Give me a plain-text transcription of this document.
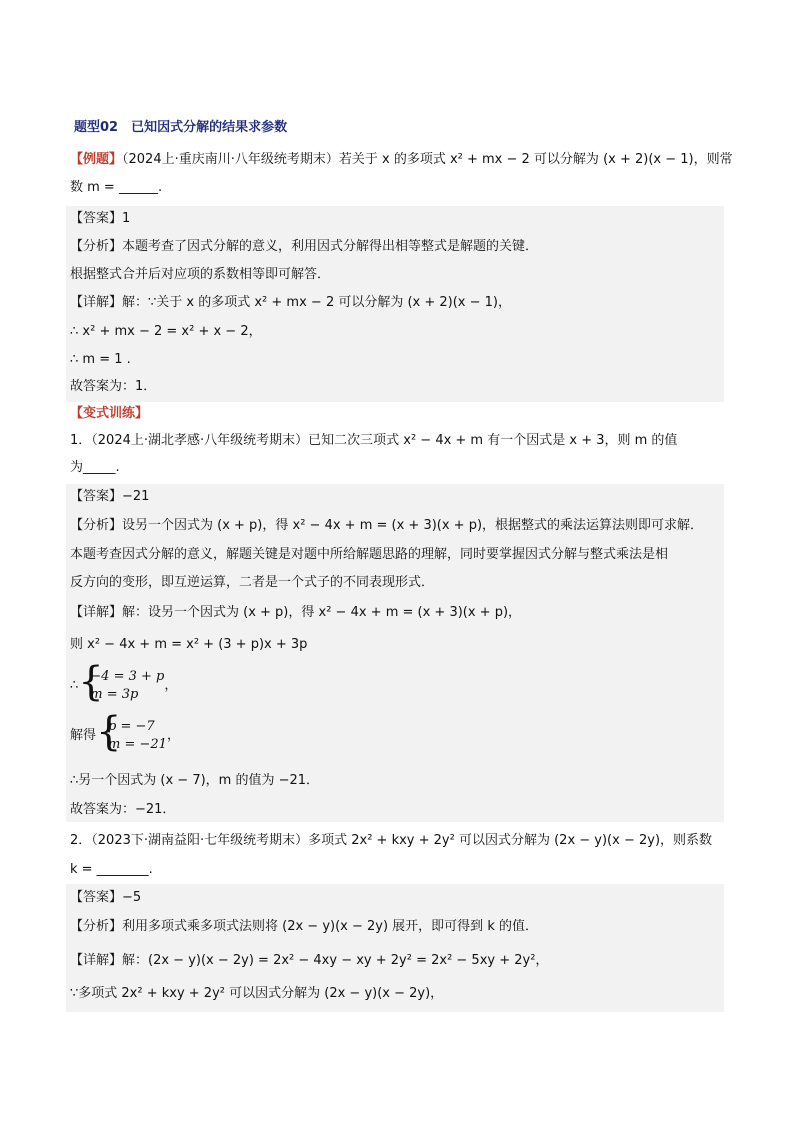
题型02　已知因式分解的结果求参数
【例题】（2024上·重庆南川·八年级统考期末）若关于 x 的多项式 x² + mx − 2 可以分解为 (x + 2)(x − 1)，则常
数 m = ______.
【答案】1
【分析】本题考查了因式分解的意义，利用因式分解得出相等整式是解题的关键．
根据整式合并后对应项的系数相等即可解答．
【详解】解：∵关于 x 的多项式 x² + mx − 2 可以分解为 (x + 2)(x − 1)，
∴ x² + mx − 2 = x² + x − 2，
∴ m = 1 .
故答案为：1．
【变式训练】
1．（2024上·湖北孝感·八年级统考期末）已知二次三项式 x² − 4x + m 有一个因式是 x + 3，则 m 的值
为_____.
【答案】−21
【分析】设另一个因式为 (x + p)，得 x² − 4x + m = (x + 3)(x + p)，根据整式的乘法运算法则即可求解．
本题考查因式分解的意义，解题关键是对题中所给解题思路的理解，同时要掌握因式分解与整式乘法是相
反方向的变形，即互逆运算，二者是一个式子的不同表现形式．
【详解】解：设另一个因式为 (x + p)，得 x² − 4x + m = (x + 3)(x + p)，
则 x² − 4x + m = x² + (3 + p)x + 3p
∴ {
−4 = 3 + p
m = 3p，
解得 {
p = −7
m = −21，
∴另一个因式为 (x − 7)，m 的值为 −21．
故答案为：−21．
2．（2023下·湖南益阳·七年级统考期末）多项式 2x² + kxy + 2y² 可以因式分解为 (2x − y)(x − 2y)，则系数
k = ________.
【答案】−5
【分析】利用多项式乘多项式法则将 (2x − y)(x − 2y) 展开，即可得到 k 的值．
【详解】解：(2x − y)(x − 2y) = 2x² − 4xy − xy + 2y² = 2x² − 5xy + 2y²，
∵多项式 2x² + kxy + 2y² 可以因式分解为 (2x − y)(x − 2y)，
